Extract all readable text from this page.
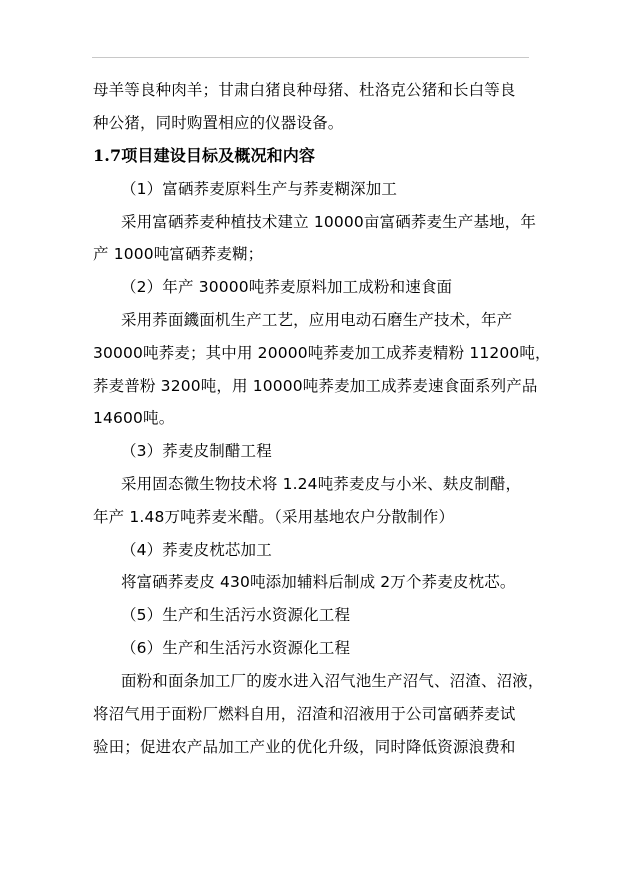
母羊等良种肉羊；甘肃白猪良种母猪、杜洛克公猪和长白等良
种公猪，同时购置相应的仪器设备。
1.7项目建设目标及概况和内容
（1）富硒荞麦原料生产与荞麦糊深加工
采用富硒荞麦种植技术建立 10000亩富硒荞麦生产基地，年
产 1000吨富硒荞麦糊；
（2）年产 30000吨荞麦原料加工成粉和速食面
采用荞面鐖面机生产工艺，应用电动石磨生产技术，年产
30000吨荞麦；其中用 20000吨荞麦加工成荞麦精粉 11200吨，
荞麦普粉 3200吨，用 10000吨荞麦加工成荞麦速食面系列产品
14600吨。
（3）荞麦皮制醋工程
采用固态微生物技术将 1.24吨荞麦皮与小米、麸皮制醋，
年产 1.48万吨荞麦米醋。（采用基地农户分散制作）
（4）荞麦皮枕芯加工
将富硒荞麦皮 430吨添加辅料后制成 2万个荞麦皮枕芯。
（5）生产和生活污水资源化工程
（6）生产和生活污水资源化工程
面粉和面条加工厂的废水进入沼气池生产沼气、沼渣、沼液，
将沼气用于面粉厂燃料自用，沼渣和沼液用于公司富硒荞麦试
验田；促进农产品加工产业的优化升级，同时降低资源浪费和
